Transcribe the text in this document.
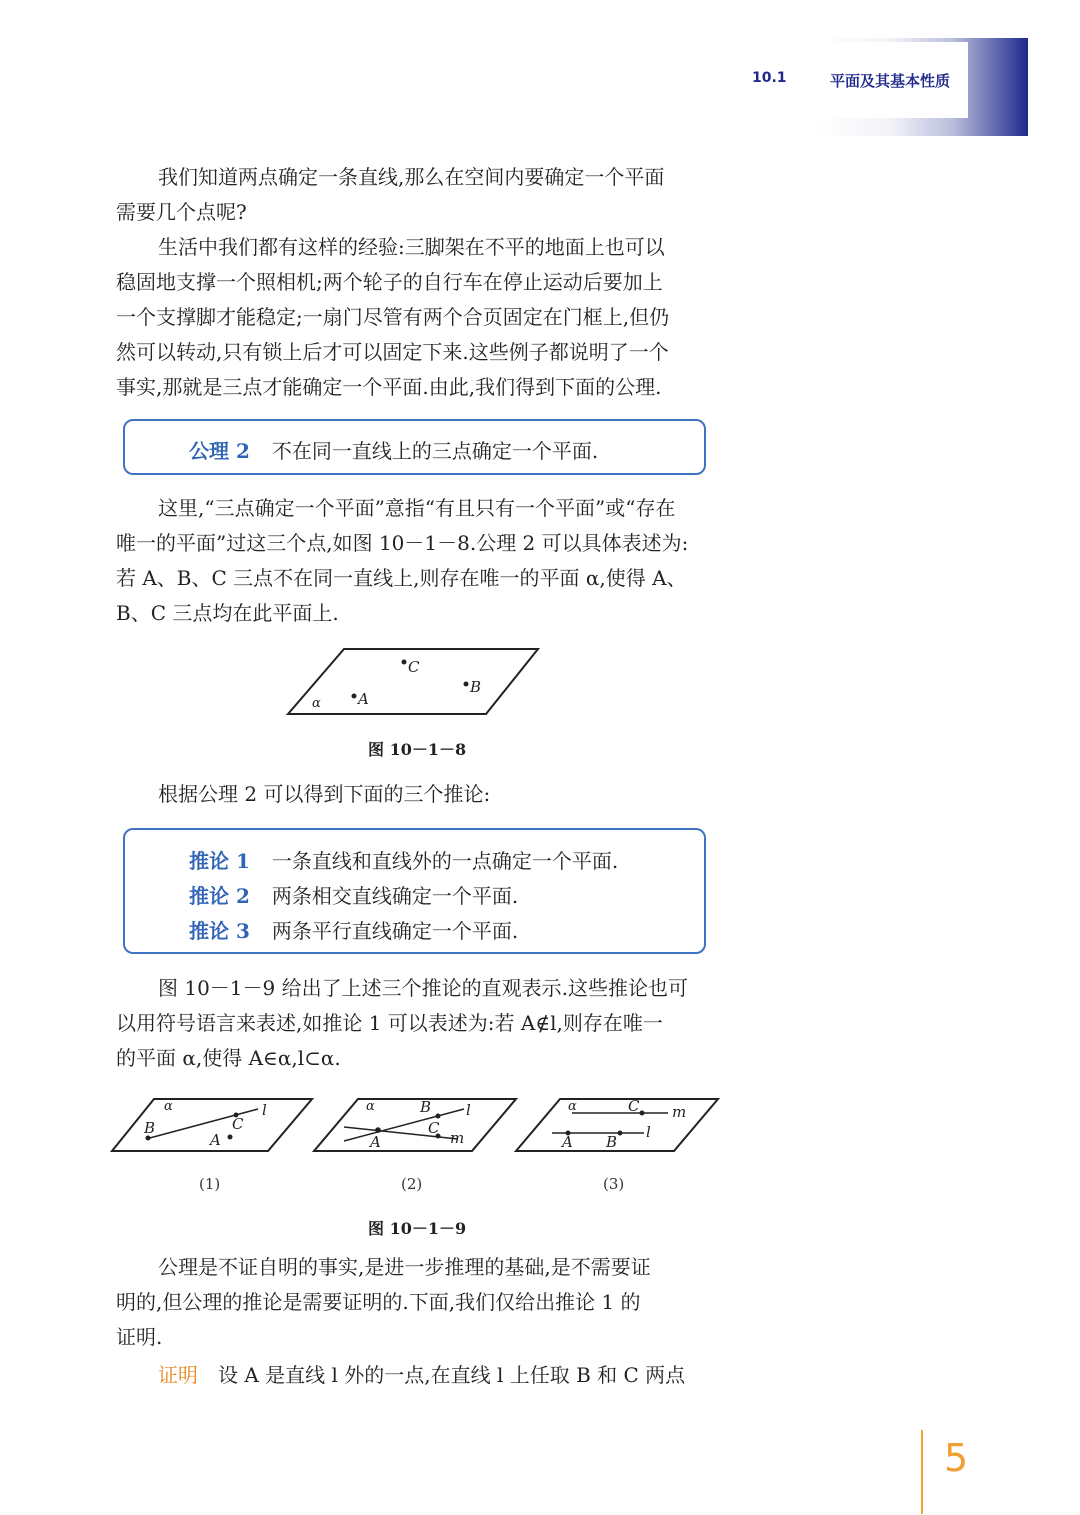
10.1	平面及其基本性质
我们知道两点确定一条直线,那么在空间内要确定一个平面
需要几个点呢?
生活中我们都有这样的经验:三脚架在不平的地面上也可以
稳固地支撑一个照相机;两个轮子的自行车在停止运动后要加上
一个支撑脚才能稳定;一扇门尽管有两个合页固定在门框上,但仍
然可以转动,只有锁上后才可以固定下来.这些例子都说明了一个
事实,那就是三点才能确定一个平面.由此,我们得到下面的公理.
公理 2 不在同一直线上的三点确定一个平面.
这里,“三点确定一个平面”意指“有且只有一个平面”或“存在
唯一的平面”过这三个点,如图 10－1－8.公理 2 可以具体表述为:
若 A、B、C 三点不在同一直线上,则存在唯一的平面 α,使得 A、
B、C 三点均在此平面上.
C
B
A
α
图 10－1－8
根据公理 2 可以得到下面的三个推论:
推论 1 一条直线和直线外的一点确定一个平面.
推论 2 两条相交直线确定一个平面.
推论 3 两条平行直线确定一个平面.
图 10－1－9 给出了上述三个推论的直观表示.这些推论也可
以用符号语言来表述,如推论 1 可以表述为:若 A∉l,则存在唯一
的平面 α,使得 A∈α,l⊂α.
α	l
B	C
A
α	B l
C
m
A
α	C m
l
A B
(1)	(2)	(3)
图 10－1－9
公理是不证自明的事实,是进一步推理的基础,是不需要证
明的,但公理的推论是需要证明的.下面,我们仅给出推论 1 的
证明.
证明　 设 A 是直线 l 外的一点,在直线 l 上任取 B 和 C 两点
5
